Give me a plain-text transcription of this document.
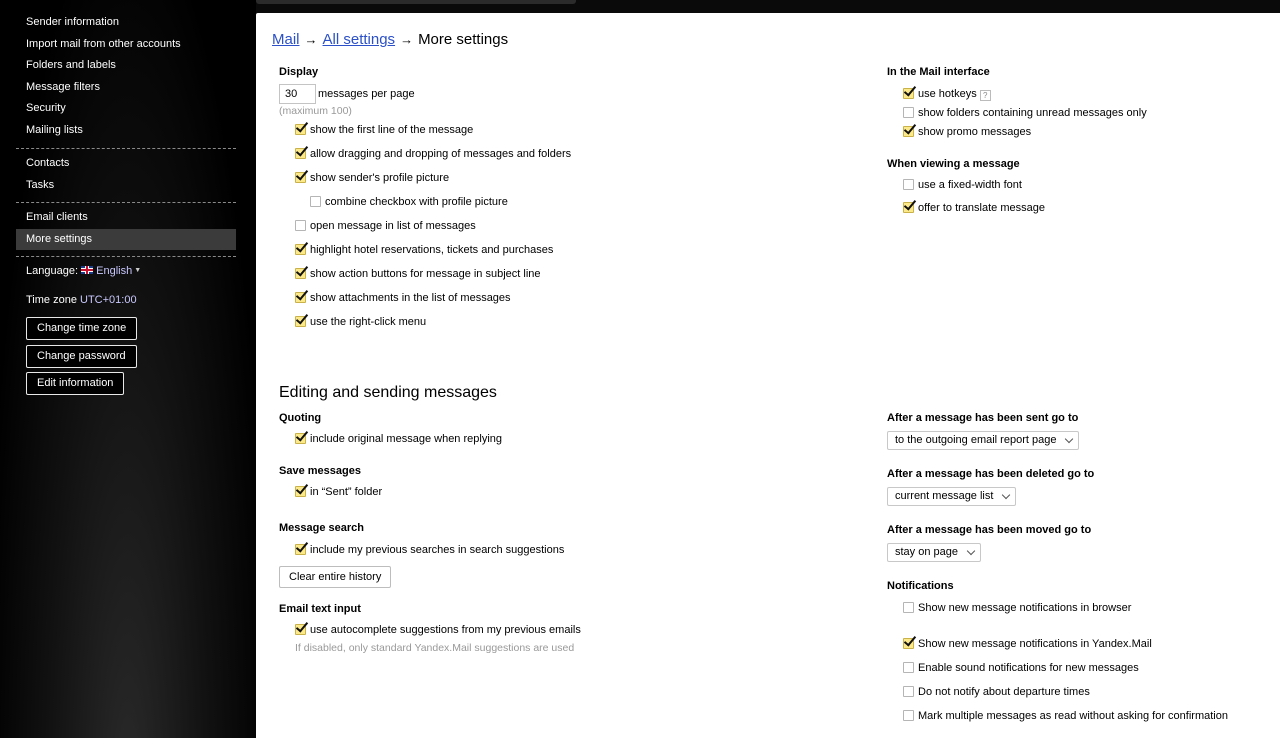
Sender information
Import mail from other accounts
Folders and labels
Message filters
Security
Mailing lists
Contacts
Tasks
Email clients
More settings
Language: English ▼
Time zone UTC+01:00
Change time zone
Change password
Edit information
Mail → All settings → More settings
Display
30
messages per page
(maximum 100)
show the first line of the message
allow dragging and dropping of messages and folders
show sender's profile picture
combine checkbox with profile picture
open message in list of messages
highlight hotel reservations, tickets and purchases
show action buttons for message in subject line
show attachments in the list of messages
use the right-click menu
In the Mail interface
use hotkeys ?
show folders containing unread messages only
show promo messages
When viewing a message
use a fixed-width font
offer to translate message
Editing and sending messages
Quoting
include original message when replying
Save messages
in “Sent” folder
Message search
include my previous searches in search suggestions
Clear entire history
Email text input
use autocomplete suggestions from my previous emails
If disabled, only standard Yandex.Mail suggestions are used
After a message has been sent go to
to the outgoing email report page
After a message has been deleted go to
current message list
After a message has been moved go to
stay on page
Notifications
Show new message notifications in browser
Show new message notifications in Yandex.Mail
Enable sound notifications for new messages
Do not notify about departure times
Mark multiple messages as read without asking for confirmation
